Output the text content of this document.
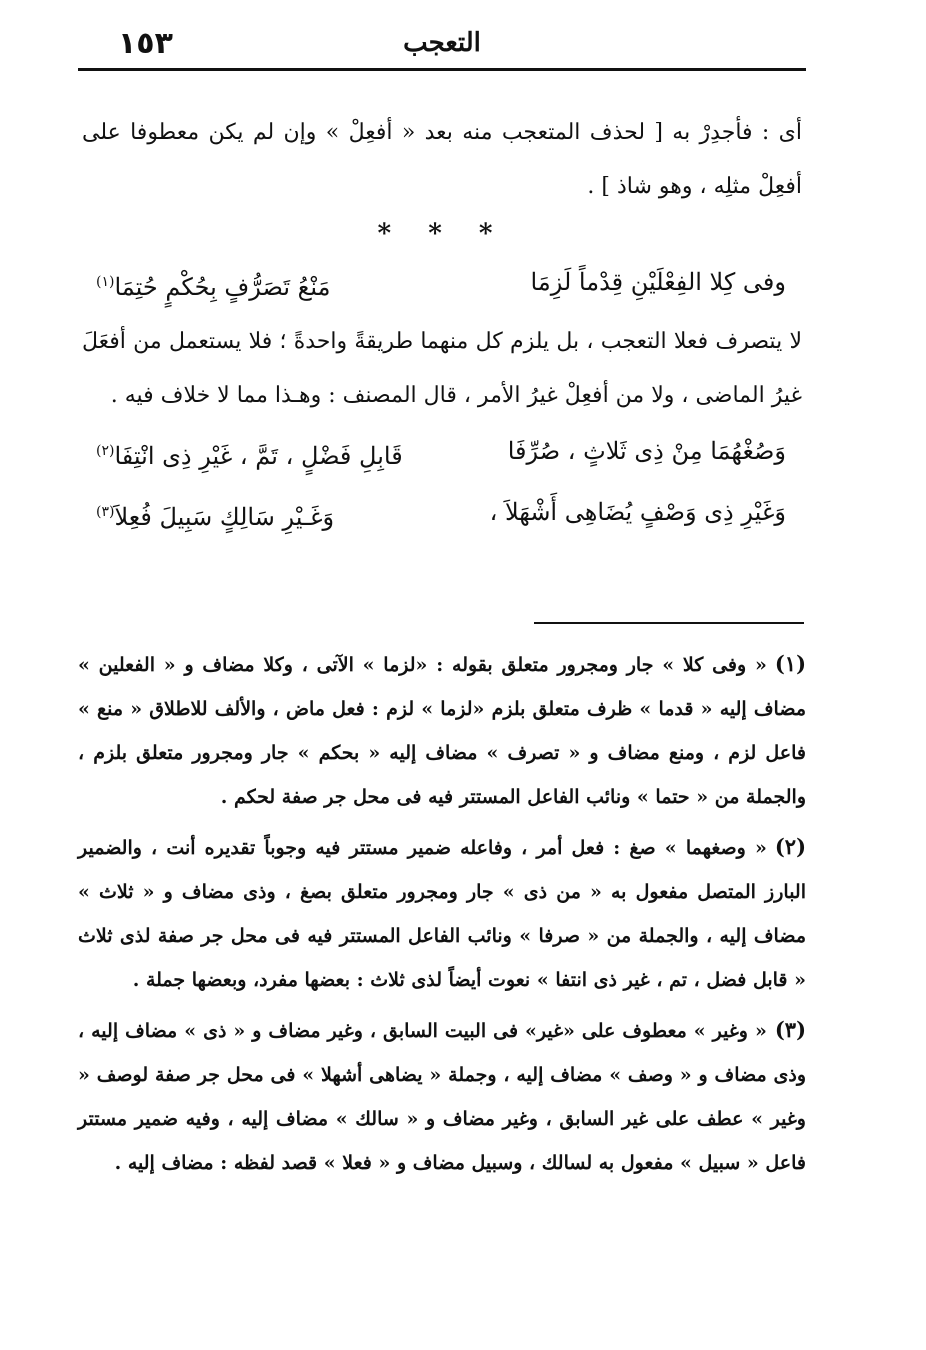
١٥٣	التعجب

أى : فأجدِرْ به [ لحذف المتعجب منه بعد « أفعِلْ » وإن لم يكن معطوفا على أفعِلْ مثلِه ، وهو شاذ ] .

* * *

وفى كِلا الفِعْلَيْنِ قِدْماً لَزِمَا
مَنْعُ تَصَرُّفٍ بِحُكْمٍ حُتِمَا$^{(١)}$

لا يتصرف فعلا التعجب ، بل يلزم كل منهما طريقةً واحدةً ؛ فلا يستعمل من أفعَلَ غيرُ الماضى ، ولا من أفعِلْ غيرُ الأمر ، قال المصنف : وهـذا مما لا خلاف فيه .

وَصُغْهُمَا مِنْ ذِى ثَلاثٍ ، صُرِّفَا
قَابِلِ فَضْلٍ ، تَمَّ ، غَيْرِ ذِى انْتِفَا$^{(٢)}$
وَغَيْرِ ذِى وَصْفٍ يُضَاهِى أَشْهَلاَ ،
وَغَـيْرِ سَالِكٍ سَبِيلَ فُعِلاَ$^{(٣)}$

(١)« وفى كلا » جار ومجرور متعلق بقوله : «لزما » الآتى ، وكلا مضاف و « الفعلين » مضاف إليه « قدما » ظرف متعلق بلزم «لزما » لزم : فعل ماض ، والألف للاطلاق « منع » فاعل لزم ، ومنع مضاف و « تصرف » مضاف إليه « بحكم » جار ومجرور متعلق بلزم ، والجملة من « حتما » ونائب الفاعل المستتر فيه فى محل جر صفة لحكم .

(٢)« وصغهما » صغ : فعل أمر ، وفاعله ضمير مستتر فيه وجوباً تقديره أنت ، والضمير البارز المتصل مفعول به « من ذى » جار ومجرور متعلق بصغ ، وذى مضاف و « ثلاث » مضاف إليه ، والجملة من « صرفا » ونائب الفاعل المستتر فيه فى محل جر صفة لذى ثلاث « قابل فضل ، تم ، غير ذى انتفا » نعوت أيضاً لذى ثلاث : بعضها مفرد، وبعضها جملة .

(٣)« وغير » معطوف على «غير» فى البيت السابق ، وغير مضاف و « ذى » مضاف إليه ، وذى مضاف و « وصف » مضاف إليه ، وجملة « يضاهى أشهلا » فى محل جر صفة لوصف « وغير » عطف على غير السابق ، وغير مضاف و « سالك » مضاف إليه ، وفيه ضمير مستتر فاعل « سبيل » مفعول به لسالك ، وسبيل مضاف و « فعلا » قصد لفظه : مضاف إليه .
